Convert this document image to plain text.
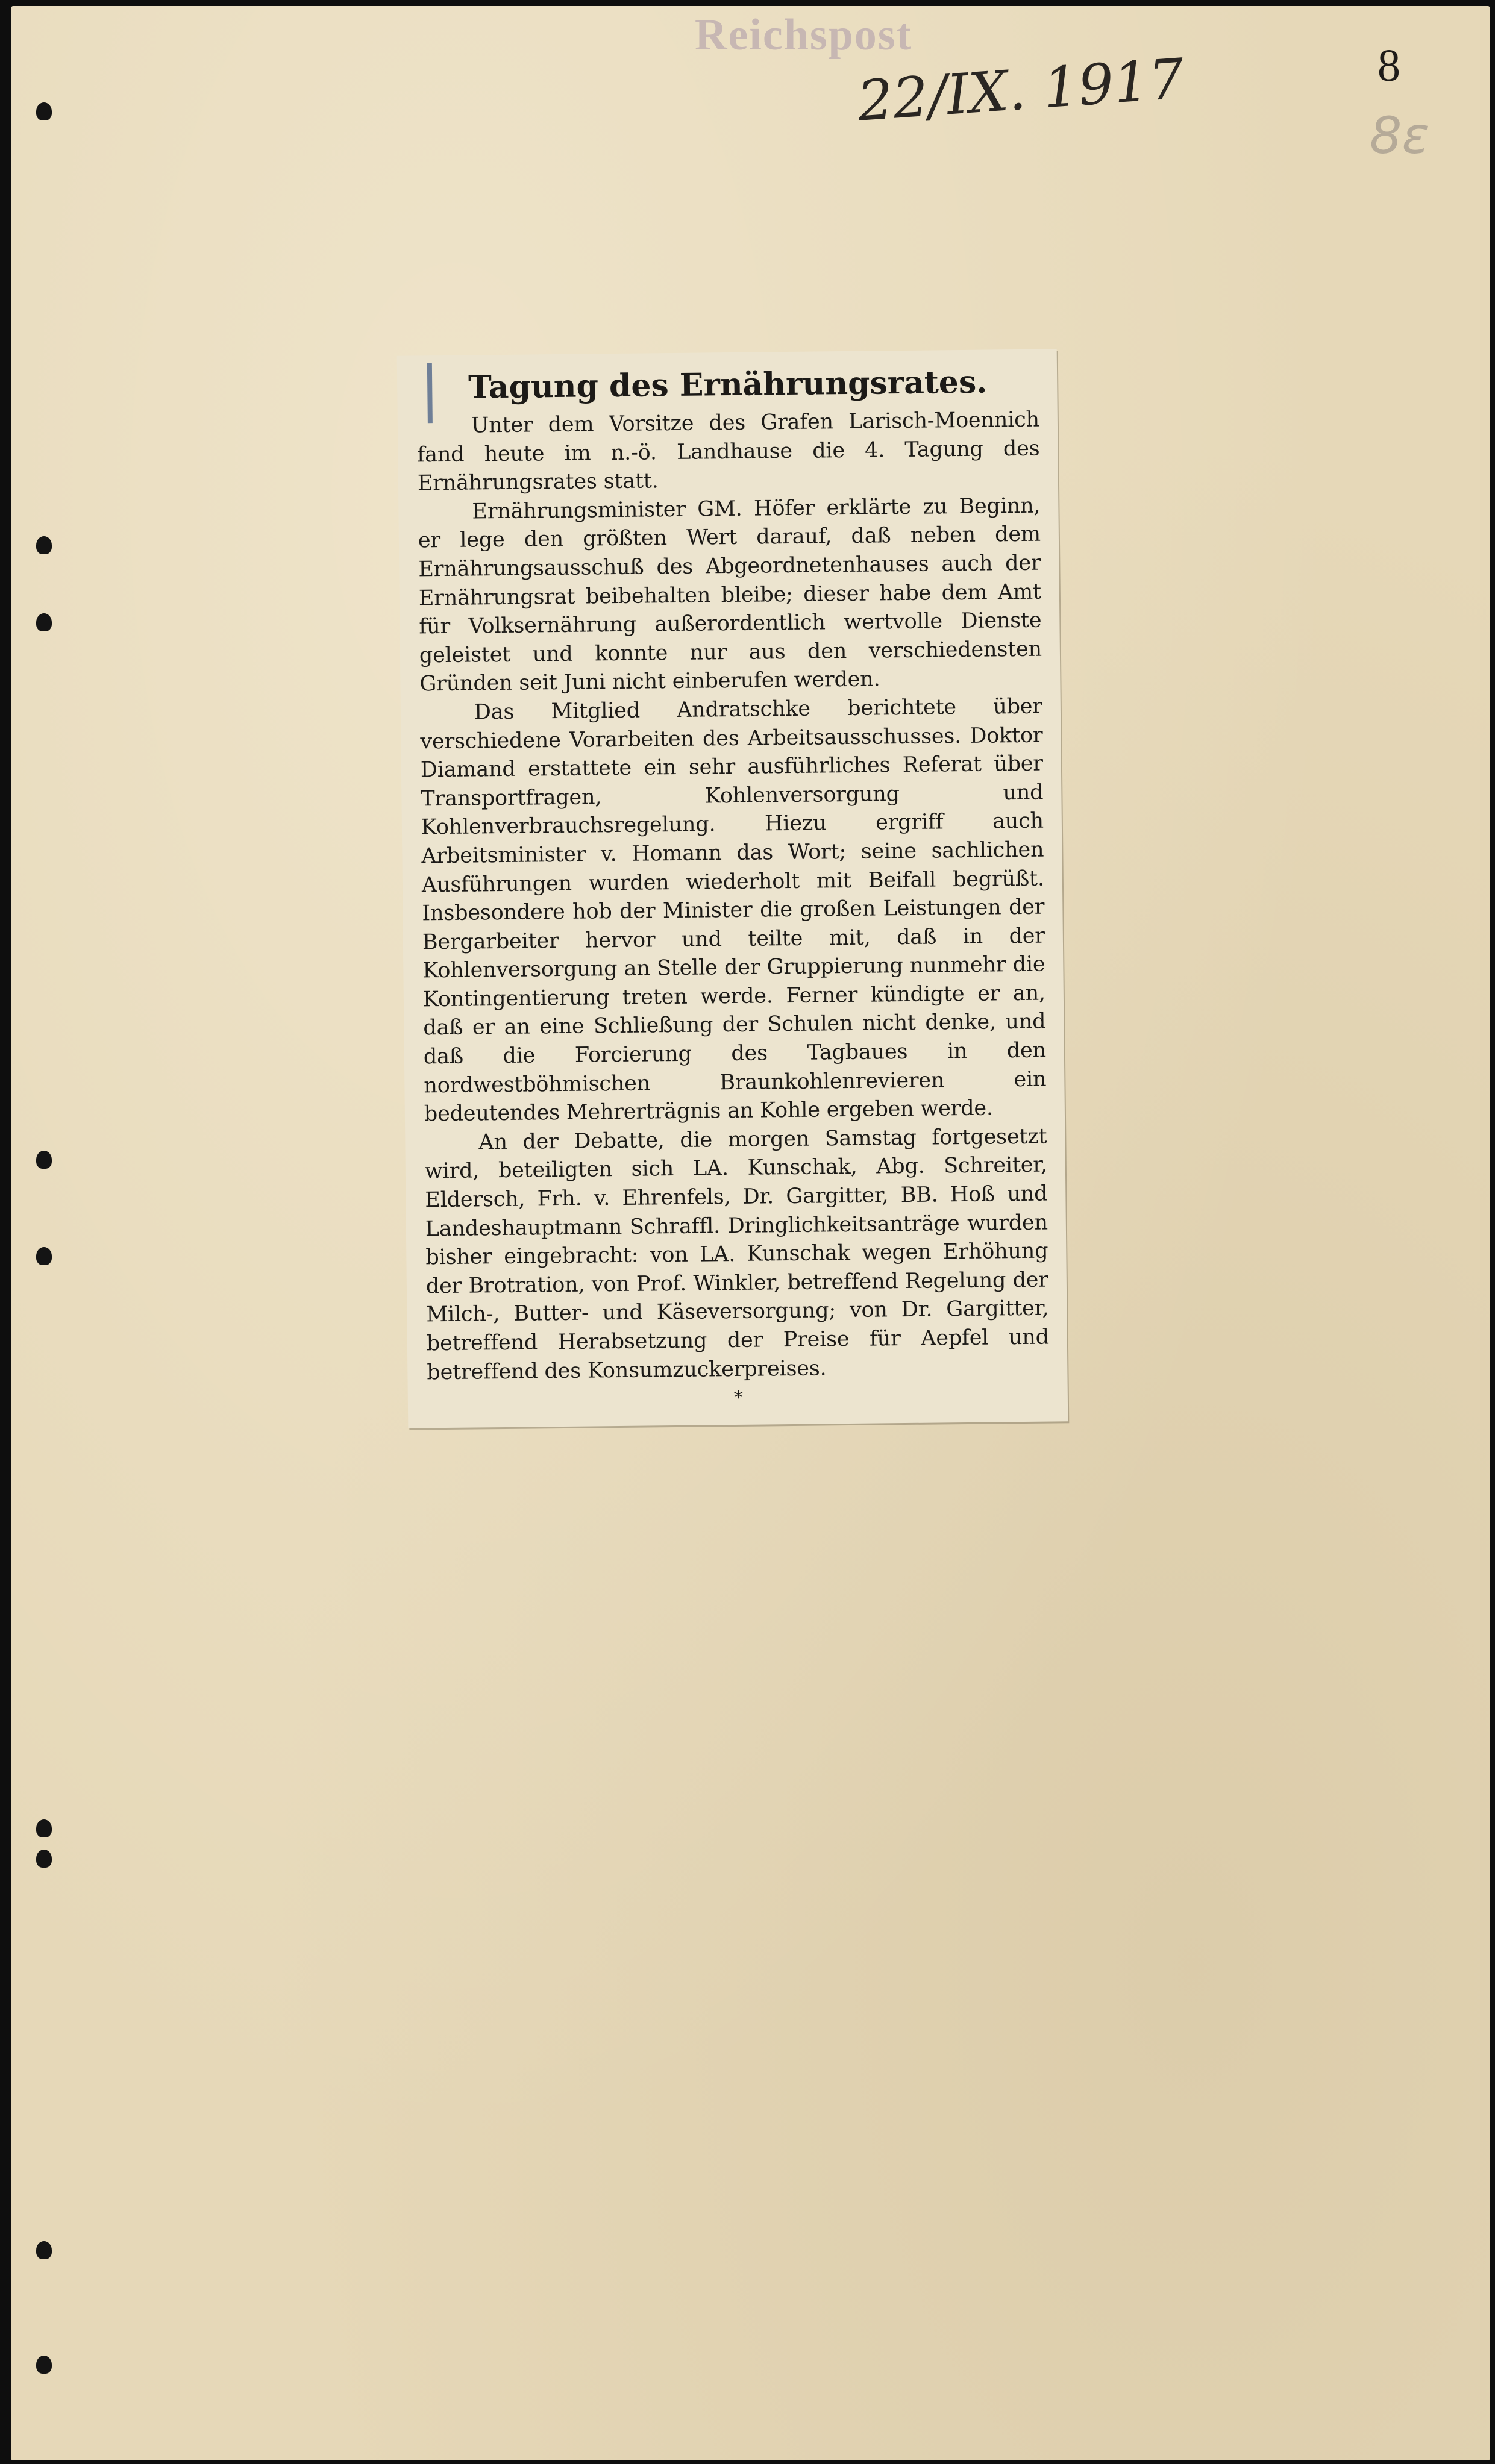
Reichspost
22/IX. 1917	8
8ε
Tagung des Ernährungsrates.

Unter dem Vorsitze des Grafen Larisch-Moennich fand heute im n.-ö. Landhause die 4. Tagung des Ernährungsrates statt.

Ernährungsminister GM. Höfer erklärte zu Beginn, er lege den größten Wert darauf, daß neben dem Ernährungsausschuß des Abgeordnetenhauses auch der Ernährungsrat beibehalten bleibe; dieser habe dem Amt für Volksernährung außerordentlich wertvolle Dienste geleistet und konnte nur aus den verschiedensten Gründen seit Juni nicht einberufen werden.

Das Mitglied Andratschke berichtete über verschiedene Vorarbeiten des Arbeitsausschusses. Doktor Diamand erstattete ein sehr ausführliches Referat über Transportfragen, Kohlenversorgung und Kohlenverbrauchsregelung. Hiezu ergriff auch Arbeitsminister v. Homann das Wort; seine sachlichen Ausführungen wurden wiederholt mit Beifall begrüßt. Insbesondere hob der Minister die großen Leistungen der Bergarbeiter hervor und teilte mit, daß in der Kohlenversorgung an Stelle der Gruppierung nunmehr die Kontingentierung treten werde. Ferner kündigte er an, daß er an eine Schließung der Schulen nicht denke, und daß die Forcierung des Tagbaues in den nordwestböhmischen Braunkohlenrevieren ein bedeutendes Mehrerträgnis an Kohle ergeben werde.

An der Debatte, die morgen Samstag fortgesetzt wird, beteiligten sich LA. Kunschak, Abg. Schreiter, Eldersch, Frh. v. Ehrenfels, Dr. Gargitter, BB. Hoß und Landeshauptmann Schraffl. Dringlichkeitsanträge wurden bisher eingebracht: von LA. Kunschak wegen Erhöhung der Brotration, von Prof. Winkler, betreffend Regelung der Milch-, Butter- und Käseversorgung; von Dr. Gargitter, betreffend Herabsetzung der Preise für Aepfel und betreffend des Konsumzuckerpreises.

*
